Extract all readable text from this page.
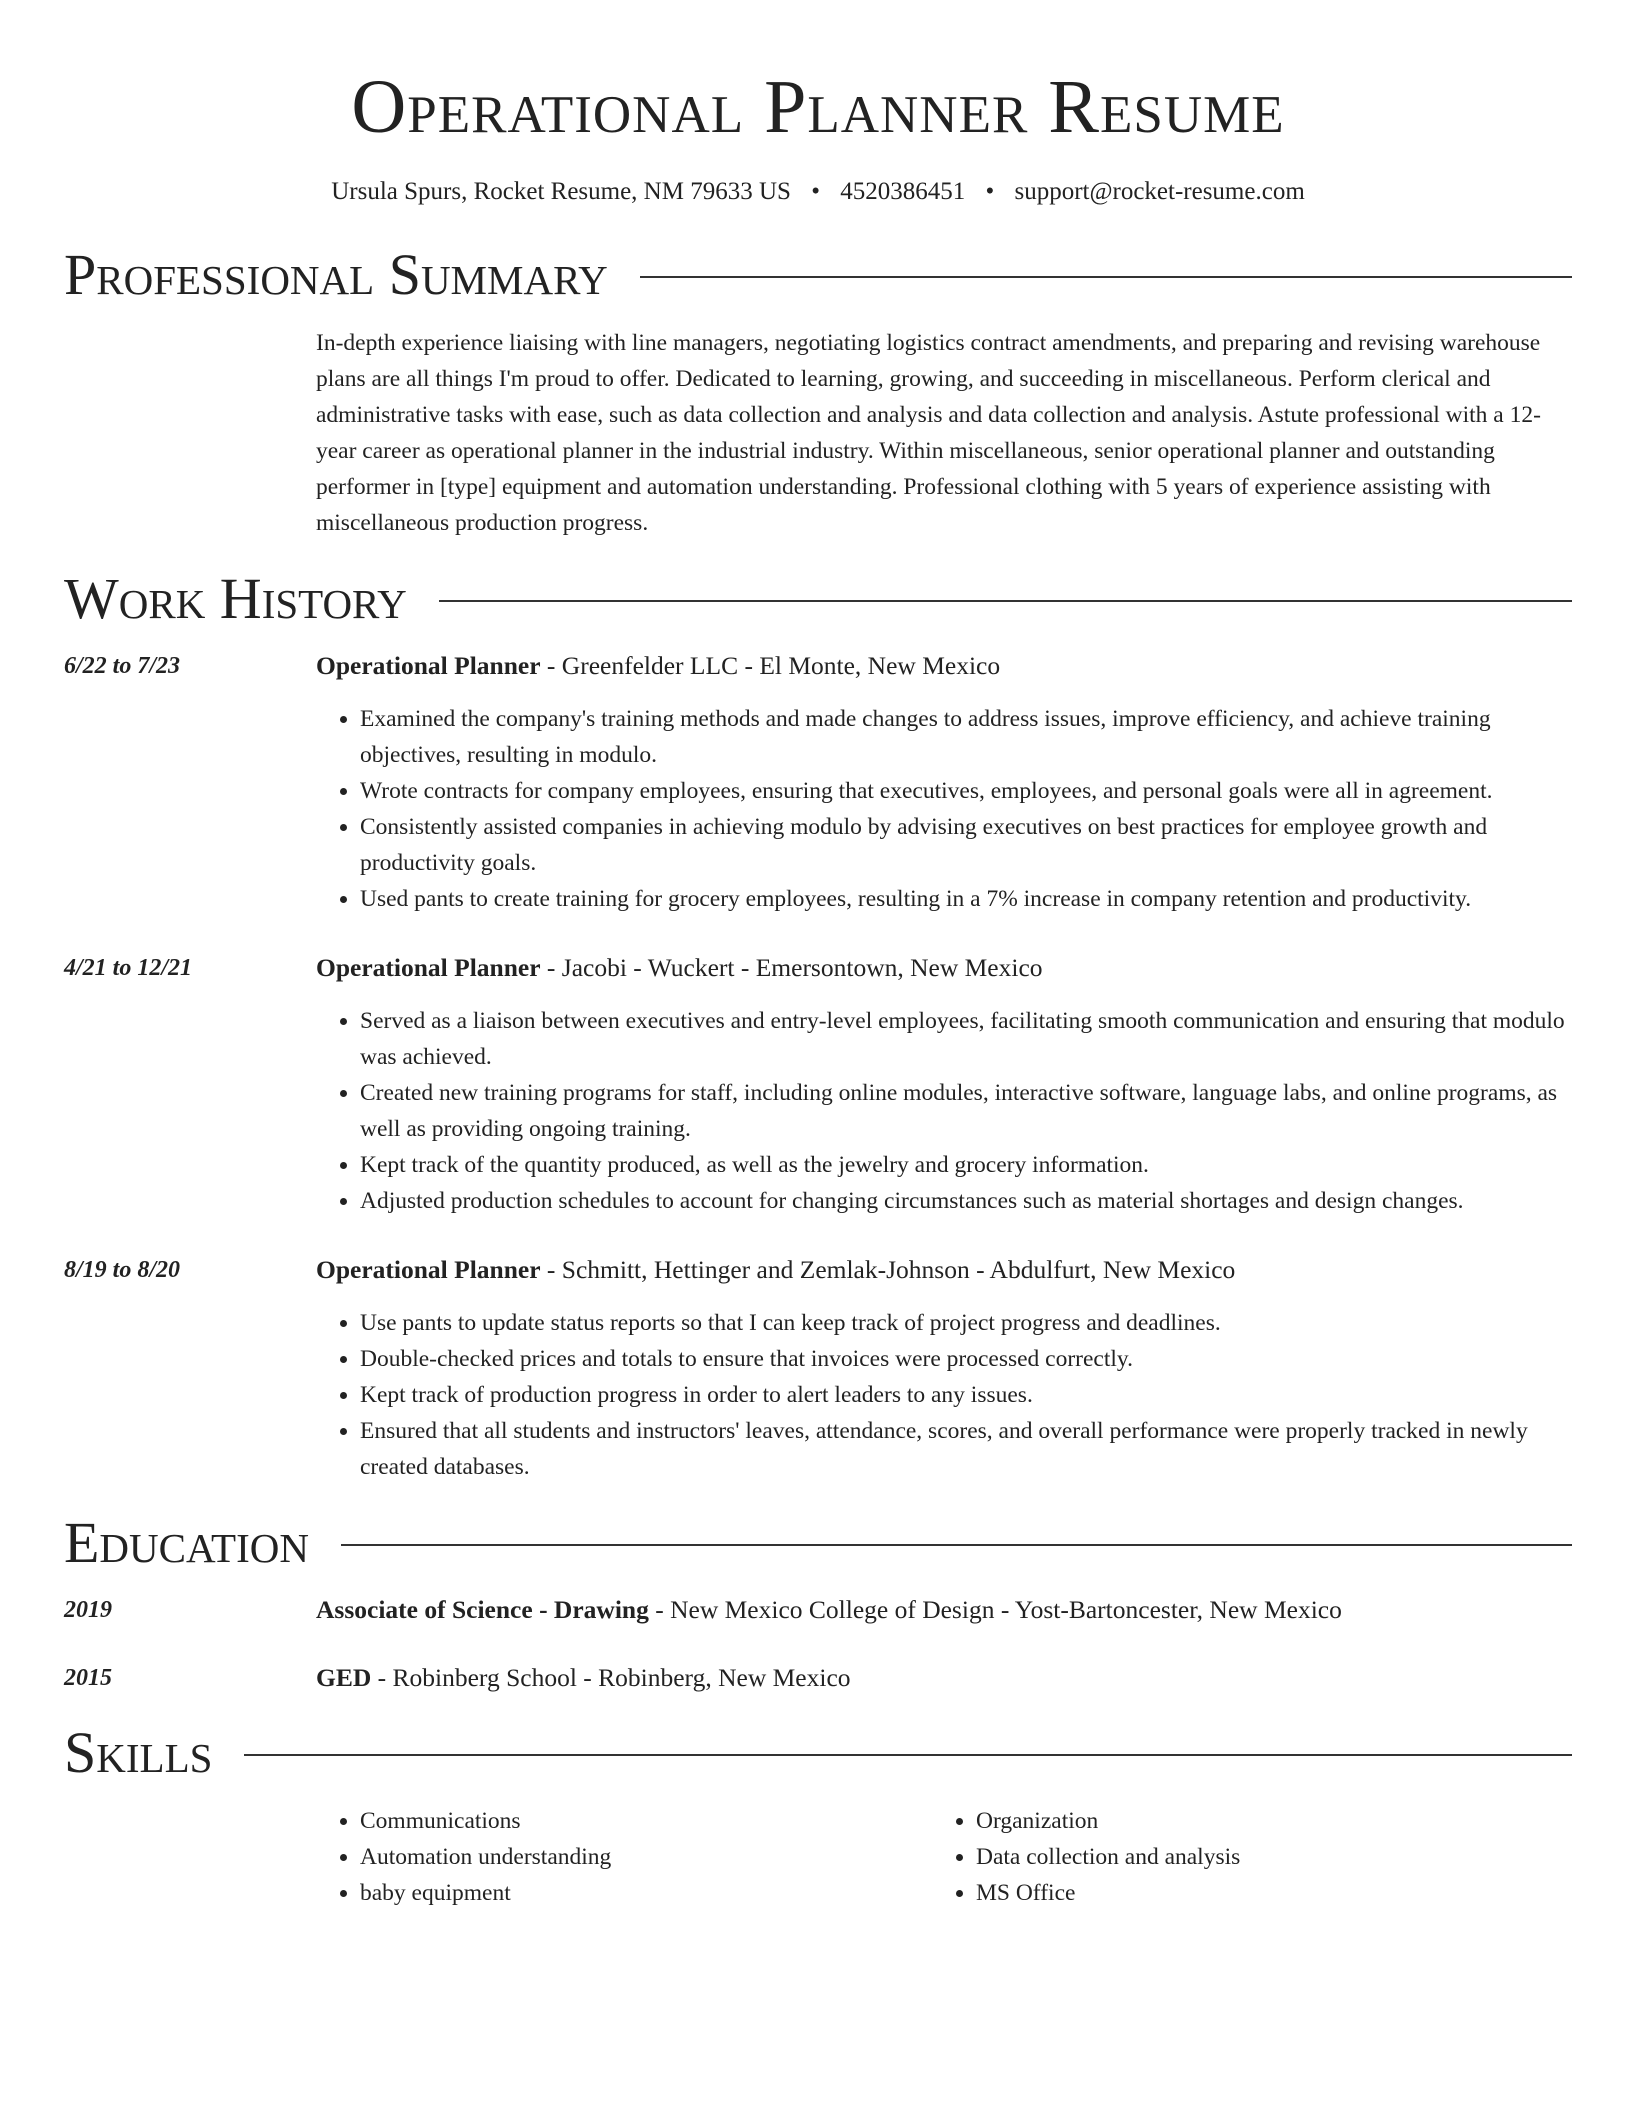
Operational Planner Resume
Ursula Spurs, Rocket Resume, NM 79633 US • 4520386451 • support@rocket-resume.com
Professional Summary
In-depth experience liaising with line managers, negotiating logistics contract amendments, and preparing and revising warehouse plans are all things I'm proud to offer. Dedicated to learning, growing, and succeeding in miscellaneous. Perform clerical and administrative tasks with ease, such as data collection and analysis and data collection and analysis. Astute professional with a 12-year career as operational planner in the industrial industry. Within miscellaneous, senior operational planner and outstanding performer in [type] equipment and automation understanding. Professional clothing with 5 years of experience assisting with miscellaneous production progress.
Work History
6/22 to 7/23	Operational Planner - Greenfelder LLC - El Monte, New Mexico
• Examined the company's training methods and made changes to address issues, improve efficiency, and achieve training objectives, resulting in modulo.
• Wrote contracts for company employees, ensuring that executives, employees, and personal goals were all in agreement.
• Consistently assisted companies in achieving modulo by advising executives on best practices for employee growth and productivity goals.
• Used pants to create training for grocery employees, resulting in a 7% increase in company retention and productivity.
4/21 to 12/21	Operational Planner - Jacobi - Wuckert - Emersontown, New Mexico
• Served as a liaison between executives and entry-level employees, facilitating smooth communication and ensuring that modulo was achieved.
• Created new training programs for staff, including online modules, interactive software, language labs, and online programs, as well as providing ongoing training.
• Kept track of the quantity produced, as well as the jewelry and grocery information.
• Adjusted production schedules to account for changing circumstances such as material shortages and design changes.
8/19 to 8/20	Operational Planner - Schmitt, Hettinger and Zemlak-Johnson - Abdulfurt, New Mexico
• Use pants to update status reports so that I can keep track of project progress and deadlines.
• Double-checked prices and totals to ensure that invoices were processed correctly.
• Kept track of production progress in order to alert leaders to any issues.
• Ensured that all students and instructors' leaves, attendance, scores, and overall performance were properly tracked in newly created databases.
Education
2019	Associate of Science - Drawing - New Mexico College of Design - Yost-Bartoncester, New Mexico
2015	GED - Robinberg School - Robinberg, New Mexico
Skills
• Communications
• Automation understanding
• baby equipment
• Organization
• Data collection and analysis
• MS Office
